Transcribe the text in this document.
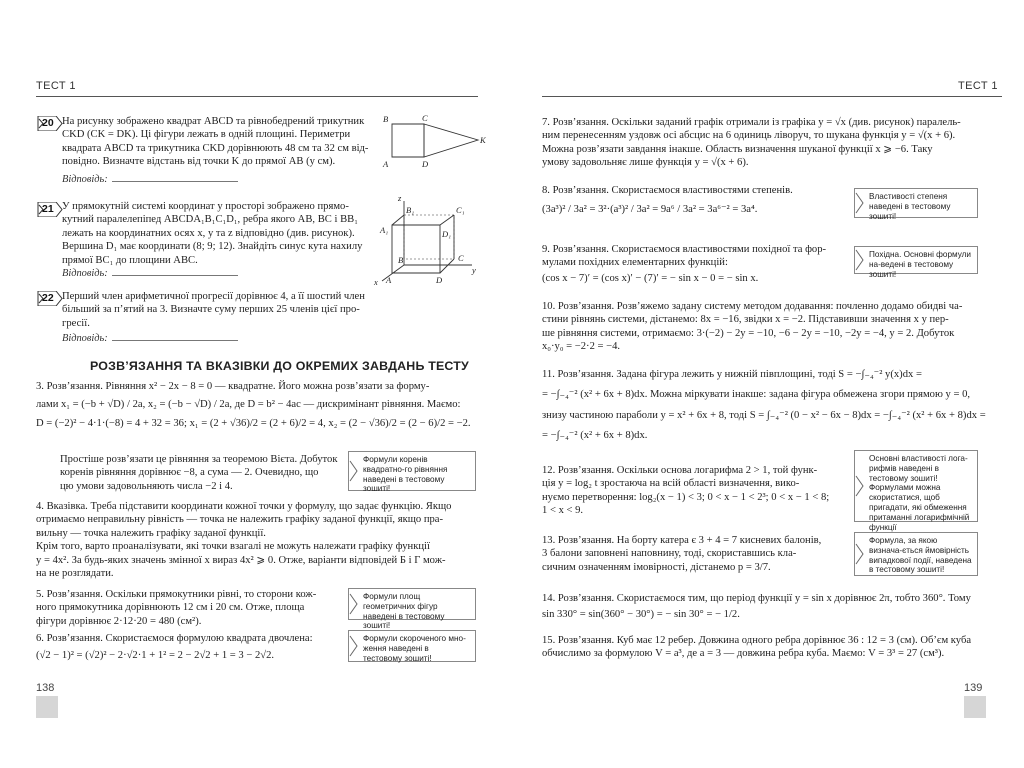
ТЕСТ 1
20 На рисунку зображено квадрат ABCD та рівнобедрений трикутник
CKD (CK = DK). Ці фігури лежать в одній площині. Периметри
квадрата ABCD та трикутника CKD дорівнюють 48 см та 32 см від-
повідно. Визначте відстань від точки K до прямої AB (у см).
B	C
K
A	D
Відповідь:
21 У прямокутній системі координат у просторі зображено прямо-
кутний паралелепіпед ABCDA₁B₁C₁D₁, ребра якого AB, BC і BB₁
лежать на координатних осях x, y та z відповідно (див. рисунок).
Вершина D₁ має координати (8; 9; 12). Знайдіть синус кута нахилу
прямої BC₁ до площини ABC.
z
y
x
B₁	C₁
A₁	D₁
B	C
A	D
Відповідь:
22 Перший член арифметичної прогресії дорівнює 4, а її шостий член
більший за п’ятий на 3. Визначте суму перших 25 членів цієї про-
гресії.
Відповідь:
РОЗВ’ЯЗАННЯ ТА ВКАЗІВКИ ДО ОКРЕМИХ ЗАВДАНЬ ТЕСТУ
3. Розв’язання. Рівняння x² − 2x − 8 = 0 — квадратне. Його можна розв’язати за форму-
лами x₁ = (−b + √D) / 2a, x₂ = (−b − √D) / 2a, де D = b² − 4ac — дискримінант рівняння. Маємо:
D = (−2)² − 4·1·(−8) = 4 + 32 = 36; x₁ = (2 + √36)/2 = (2 + 6)/2 = 4, x₂ = (2 − √36)/2 = (2 − 6)/2 = −2.
Простіше розв’язати це рівняння за теоремою Вієта. Добуток коренів рівняння дорівнює −8, а сума — 2. Очевидно, що
цю умови задовольняють числа −2 і 4.
Формули коренів квадратно-го рівняння наведені в тестовому зошиті!
4. Вказівка. Треба підставити координати кожної точки у формулу, що задає функцію. Якщо
отримаємо неправильну рівність — точка не належить графіку заданої функції, якщо пра-
вильну — точка належить графіку заданої функції.
Крім того, варто проаналізувати, які точки взагалі не можуть належати графіку функції
y = 4x². За будь-яких значень змінної x вираз 4x² ⩾ 0. Отже, варіанти відповідей Б і Г мож-
на не розглядати.
5. Розв’язання. Оскільки прямокутники рівні, то сторони кож-
ного прямокутника дорівнюють 12 см і 20 см. Отже, площа
фігури дорівнює 2·12·20 = 480 (см²).
Формули площ геометричних фігур наведені в тестовому зошиті!
6. Розв’язання. Скористаємося формулою квадрата двочлена:
(√2 − 1)² = (√2)² − 2·√2·1 + 1² = 2 − 2√2 + 1 = 3 − 2√2.
Формули скороченого мно-ження наведені в тестовому зошиті!
138
ТЕСТ 1
7. Розв’язання. Оскільки заданий графік отримали із графіка y = √x (див. рисунок) паралель-
ним перенесенням уздовж осі абсцис на 6 одиниць ліворуч, то шукана функція y = √(x + 6).
Можна розв’язати завдання інакше. Область визначення шуканої функції x ⩾ −6. Таку
умову задовольняє лише функція y = √(x + 6).
8. Розв’язання. Скористаємося властивостями степенів.
(3a³)² / 3a² = 3²·(a³)² / 3a² = 9a⁶ / 3a² = 3a⁶⁻² = 3a⁴.
Властивості степеня наведені в тестовому зошиті!
9. Розв’язання. Скористаємося властивостями похідної та фор-
мулами похідних елементарних функцій:
(cos x − 7)′ = (cos x)′ − (7)′ = − sin x − 0 = − sin x.
Похідна. Основні формули на-ведені в тестовому зошиті!
10. Розв’язання. Розв’яжемо задану систему методом додавання: почленно додамо обидві ча-
стини рівнянь системи, дістанемо: 8x = −16, звідки x = −2. Підставивши значення x у пер-
ше рівняння системи, отримаємо: 3·(−2) − 2y = −10, −6 − 2y = −10, −2y = −4, y = 2. Добуток
x₀·y₀ = −2·2 = −4.
11. Розв’язання. Задана фігура лежить у нижній півплощині, тоді S = −∫₋₄⁻² y(x)dx =
= −∫₋₄⁻² (x² + 6x + 8)dx. Можна міркувати інакше: задана фігура обмежена згори прямою y = 0,
знизу частиною параболи y = x² + 6x + 8, тоді S = ∫₋₄⁻² (0 − x² − 6x − 8)dx = −∫₋₄⁻² (x² + 6x + 8)dx =
= −∫₋₄⁻² (x² + 6x + 8)dx.
12. Розв’язання. Оскільки основа логарифма 2 > 1, той функ-
ція y = log₂ t зростаюча на всій області визначення, вико-
нуємо перетворення: log₂(x − 1) < 3; 0 < x − 1 < 2³; 0 < x − 1 < 8;
1 < x < 9.
Основні властивості лога-рифмів наведені в тестовому зошиті! Формулами можна скористатися, щоб пригадати, які обмеження притаманні логарифмічній функції
13. Розв’язання. На борту катера є 3 + 4 = 7 кисневих балонів,
3 балони заповнені наповнину, тоді, скориставшись кла-
сичним означенням імовірності, дістанемо p = 3/7.
Формула, за якою визнача-ється ймовірність випадкової події, наведена в тестовому зошиті!
14. Розв’язання. Скористаємося тим, що період функції y = sin x дорівнює 2π, тобто 360°. Тому
sin 330° = sin(360° − 30°) = − sin 30° = − 1/2.
15. Розв’язання. Куб має 12 ребер. Довжина одного ребра дорівнює 36 : 12 = 3 (см). Об’єм куба
обчислимо за формулою V = a³, де a = 3 — довжина ребра куба. Маємо: V = 3³ = 27 (см³).
139
